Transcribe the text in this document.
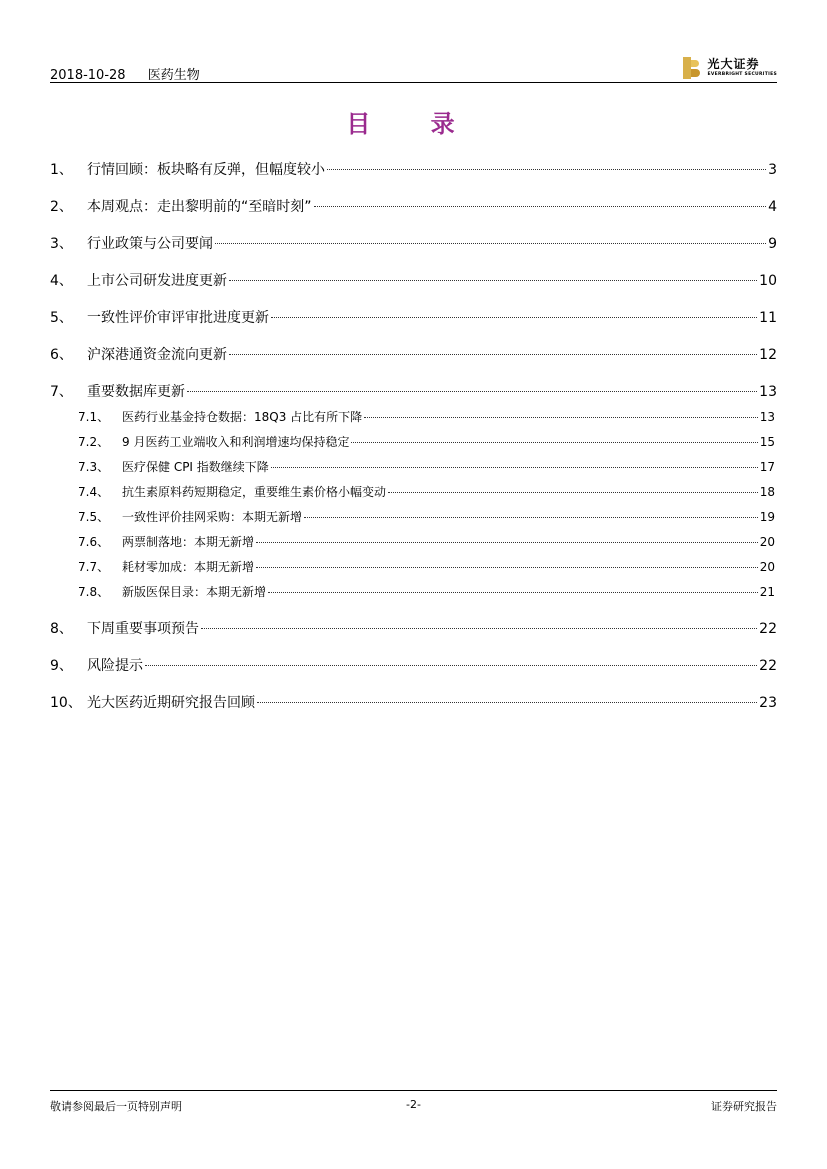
2018-10-28 医药生物
光大证券
EVERBRIGHT SECURITIES
目 录
1、	行情回顾：板块略有反弹，但幅度较小	3
2、	本周观点：走出黎明前的“至暗时刻”	4
3、	行业政策与公司要闻	9
4、	上市公司研发进度更新	10
5、	一致性评价审评审批进度更新	11
6、	沪深港通资金流向更新	12
7、	重要数据库更新	13
7.1、	医药行业基金持仓数据：18Q3 占比有所下降	13
7.2、	9 月医药工业端收入和利润增速均保持稳定	15
7.3、	医疗保健 CPI 指数继续下降	17
7.4、	抗生素原料药短期稳定，重要维生素价格小幅变动	18
7.5、	一致性评价挂网采购：本期无新增	19
7.6、	两票制落地：本期无新增	20
7.7、	耗材零加成：本期无新增	20
7.8、	新版医保目录：本期无新增	21
8、	下周重要事项预告	22
9、	风险提示	22
10、 光大医药近期研究报告回顾	23
敬请参阅最后一页特别声明	-2-	证券研究报告
